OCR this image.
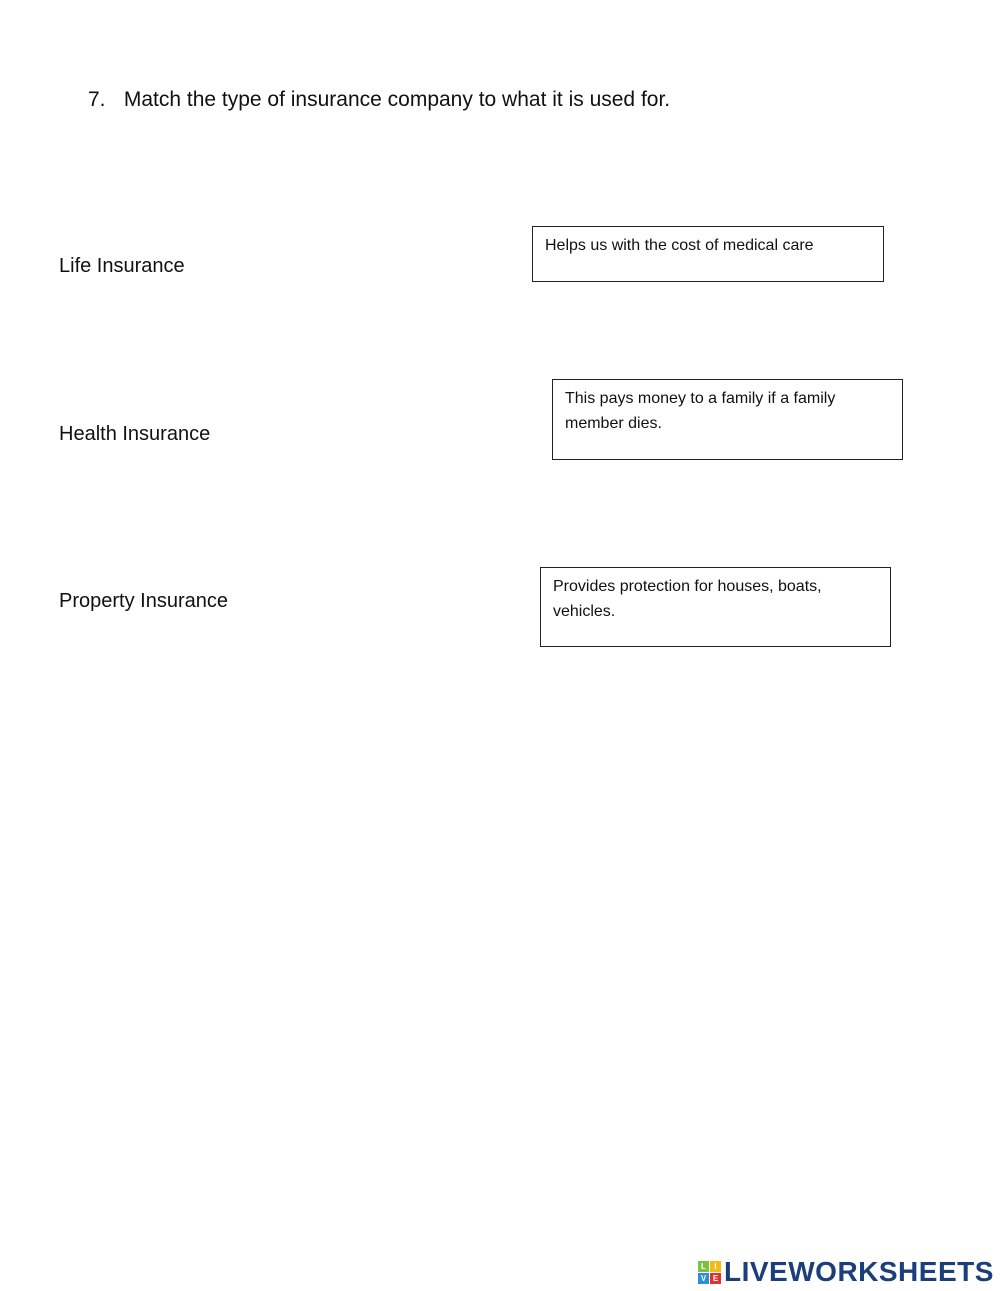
7. Match the type of insurance company to what it is used for.
Life Insurance
Health Insurance
Property Insurance
Helps us with the cost of medical care
This pays money to a family if a family member dies.
Provides protection for houses, boats, vehicles.
L	I
V E LIVEWORKSHEETS
